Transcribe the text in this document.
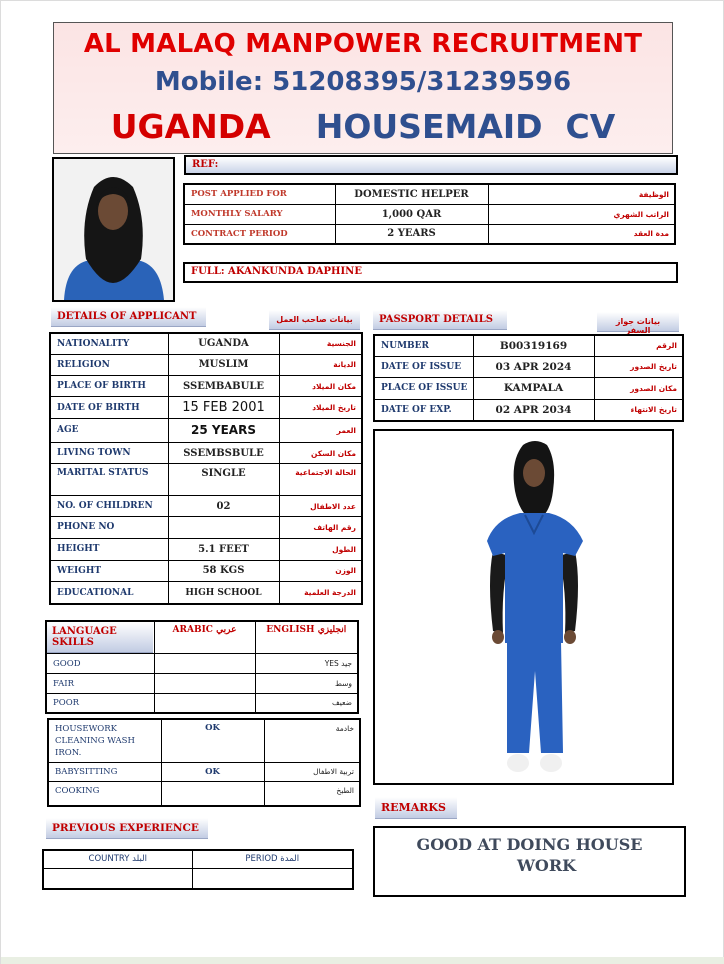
AL MALAQ MANPOWER RECRUITMENT
Mobile: 51208395/31239596
UGANDA HOUSEMAID  CV
REF:
POST APPLIED FOR	DOMESTIC HELPER	الوظيفة
MONTHLY SALARY	1,000 QAR	الراتب الشهري
CONTRACT PERIOD	2 YEARS	مدة العقد
FULL: AKANKUNDA DAPHINE
DETAILS OF APPLICANT	بيانات صاحب العمل
NATIONALITY	UGANDA	الجنسية
RELIGION	MUSLIM	الديانة
PLACE OF BIRTH	SSEMBABULE	مكان الميلاد
DATE OF BIRTH	15 FEB 2001	تاريخ الميلاد
AGE	25 YEARS	العمر
LIVING TOWN	SSEMBSBULE	مكان السكن
MARITAL STATUS	SINGLE	الحالة الاجتماعية
NO. OF CHILDREN	02	عدد الاطفال
PHONE NO		رقم الهاتف
HEIGHT	5.1 FEET	الطول
WEIGHT	58 KGS	الوزن
EDUCATIONAL	HIGH SCHOOL	الدرجة العلمية
PASSPORT DETAILS	بيانات جواز السفر
NUMBER	B00319169	الرقم
DATE OF ISSUE	03 APR 2024	تاريخ الصدور
PLACE OF ISSUE	KAMPALA	مكان الصدور
DATE OF EXP.	02 APR 2034	تاريخ الانتهاء
LANGUAGE SKILLS	ARABIC عربي	ENGLISH انجليزي
GOOD		YES جيد
FAIR		وسط
POOR		ضعيف
HOUSEWORK
CLEANING WASH
IRON.	OK	خادمة
BABYSITTING	OK	تربية الاطفال
COOKING		الطبخ
PREVIOUS EXPERIENCE
COUNTRY البلد	PERIOD المدة

REMARKS
GOOD AT DOING HOUSE
WORK
